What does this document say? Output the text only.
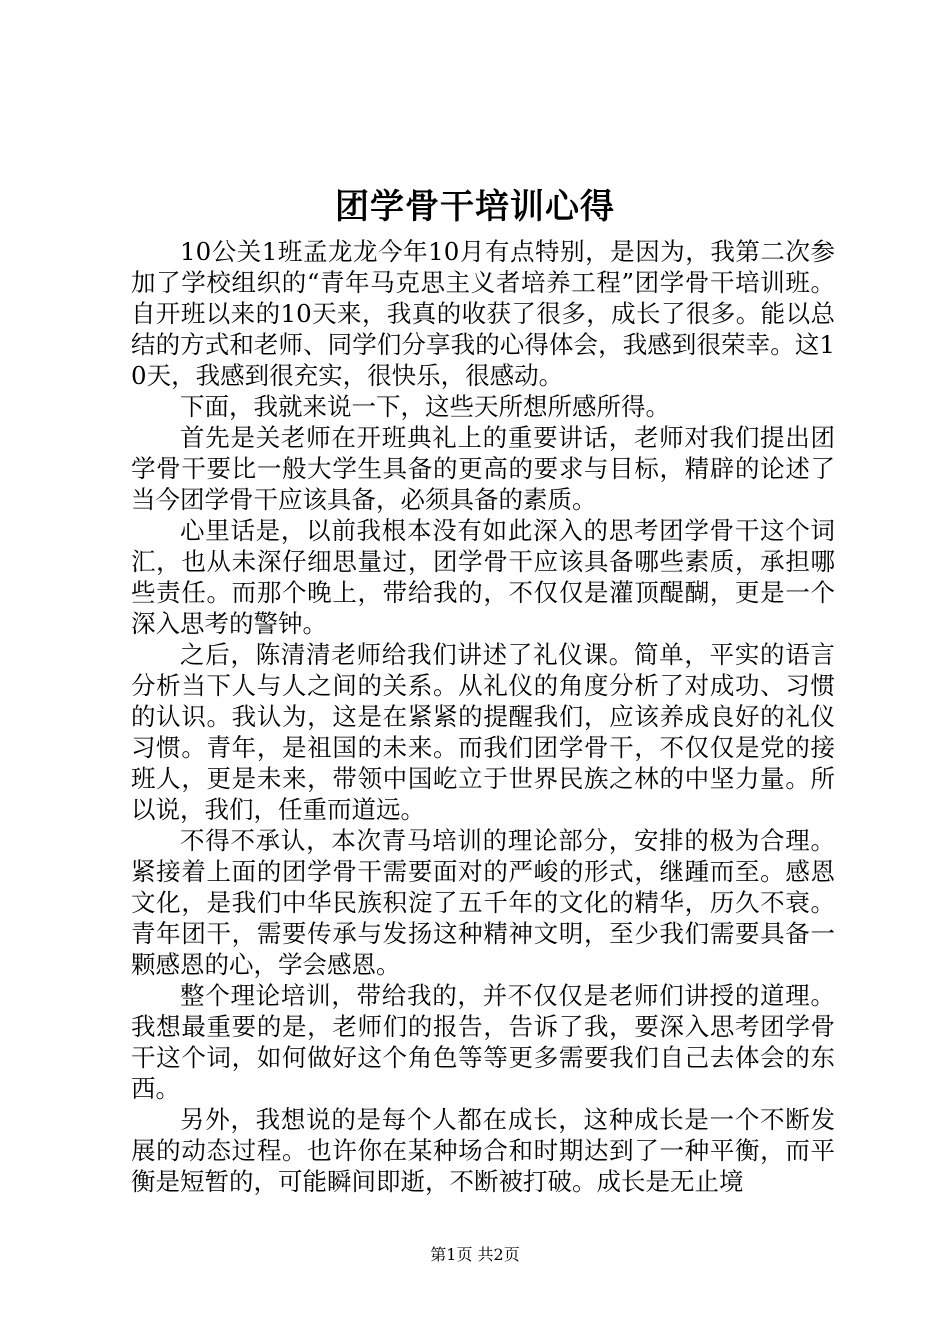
团学骨干培训心得

10公关1班孟龙龙今年10月有点特别，是因为，我第二次参加了学校组织的“青年马克思主义者培养工程”团学骨干培训班。自开班以来的10天来，我真的收获了很多，成长了很多。能以总结的方式和老师、同学们分享我的心得体会，我感到很荣幸。这10天，我感到很充实，很快乐，很感动。

下面，我就来说一下，这些天所想所感所得。

首先是关老师在开班典礼上的重要讲话，老师对我们提出团学骨干要比一般大学生具备的更高的要求与目标，精辟的论述了当今团学骨干应该具备，必须具备的素质。

心里话是，以前我根本没有如此深入的思考团学骨干这个词汇，也从未深仔细思量过，团学骨干应该具备哪些素质，承担哪些责任。而那个晚上，带给我的，不仅仅是灌顶醍醐，更是一个深入思考的警钟。

之后，陈清清老师给我们讲述了礼仪课。简单，平实的语言分析当下人与人之间的关系。从礼仪的角度分析了对成功、习惯的认识。我认为，这是在紧紧的提醒我们，应该养成良好的礼仪习惯。青年，是祖国的未来。而我们团学骨干，不仅仅是党的接班人，更是未来，带领中国屹立于世界民族之林的中坚力量。所以说，我们，任重而道远。

不得不承认，本次青马培训的理论部分，安排的极为合理。紧接着上面的团学骨干需要面对的严峻的形式，继踵而至。感恩文化，是我们中华民族积淀了五千年的文化的精华，历久不衰。青年团干，需要传承与发扬这种精神文明，至少我们需要具备一颗感恩的心，学会感恩。

整个理论培训，带给我的，并不仅仅是老师们讲授的道理。我想最重要的是，老师们的报告，告诉了我，要深入思考团学骨干这个词，如何做好这个角色等等更多需要我们自己去体会的东西。

另外，我想说的是每个人都在成长，这种成长是一个不断发展的动态过程。也许你在某种场合和时期达到了一种平衡，而平衡是短暂的，可能瞬间即逝，不断被打破。成长是无止境

第1页 共2页
